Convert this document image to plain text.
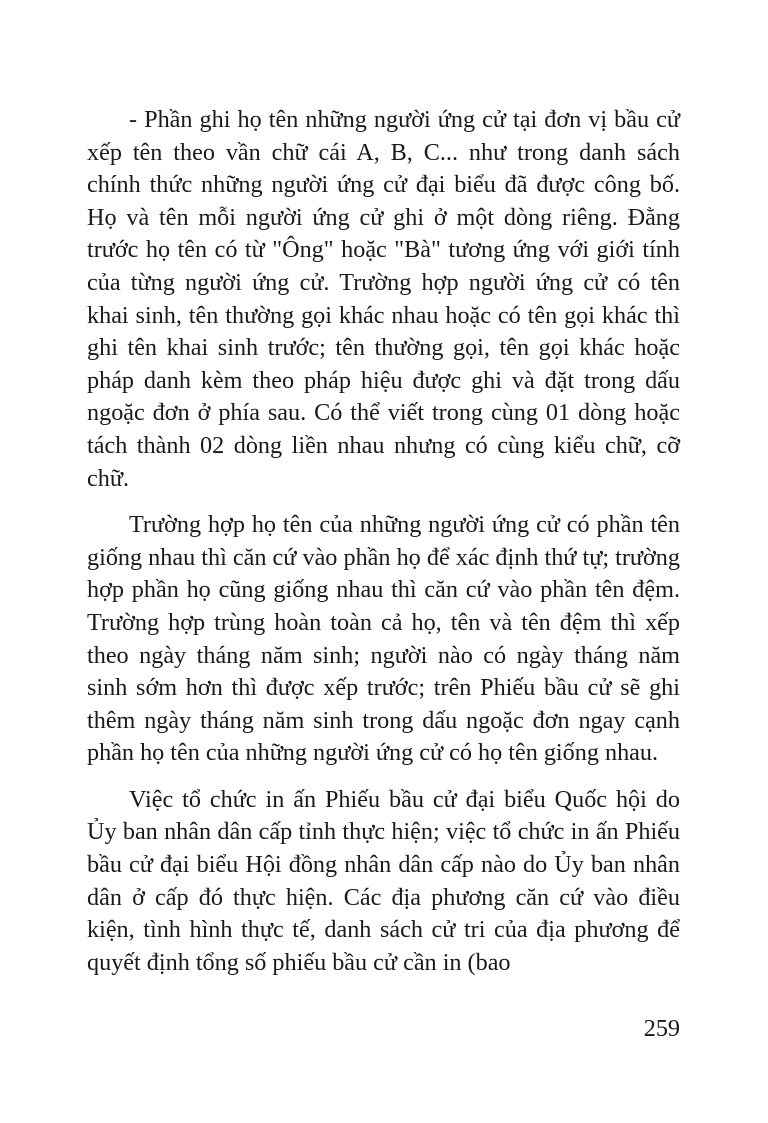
- Phần ghi họ tên những người ứng cử tại đơn vị bầu cử xếp tên theo vần chữ cái A, B, C... như trong danh sách chính thức những người ứng cử đại biểu đã được công bố. Họ và tên mỗi người ứng cử ghi ở một dòng riêng. Đằng trước họ tên có từ "Ông" hoặc "Bà" tương ứng với giới tính của từng người ứng cử. Trường hợp người ứng cử có tên khai sinh, tên thường gọi khác nhau hoặc có tên gọi khác thì ghi tên khai sinh trước; tên thường gọi, tên gọi khác hoặc pháp danh kèm theo pháp hiệu được ghi và đặt trong dấu ngoặc đơn ở phía sau. Có thể viết trong cùng 01 dòng hoặc tách thành 02 dòng liền nhau nhưng có cùng kiểu chữ, cỡ chữ.

Trường hợp họ tên của những người ứng cử có phần tên giống nhau thì căn cứ vào phần họ để xác định thứ tự; trường hợp phần họ cũng giống nhau thì căn cứ vào phần tên đệm. Trường hợp trùng hoàn toàn cả họ, tên và tên đệm thì xếp theo ngày tháng năm sinh; người nào có ngày tháng năm sinh sớm hơn thì được xếp trước; trên Phiếu bầu cử sẽ ghi thêm ngày tháng năm sinh trong dấu ngoặc đơn ngay cạnh phần họ tên của những người ứng cử có họ tên giống nhau.

Việc tổ chức in ấn Phiếu bầu cử đại biểu Quốc hội do Ủy ban nhân dân cấp tỉnh thực hiện; việc tổ chức in ấn Phiếu bầu cử đại biểu Hội đồng nhân dân cấp nào do Ủy ban nhân dân ở cấp đó thực hiện. Các địa phương căn cứ vào điều kiện, tình hình thực tế, danh sách cử tri của địa phương để quyết định tổng số phiếu bầu cử cần in (bao

259
